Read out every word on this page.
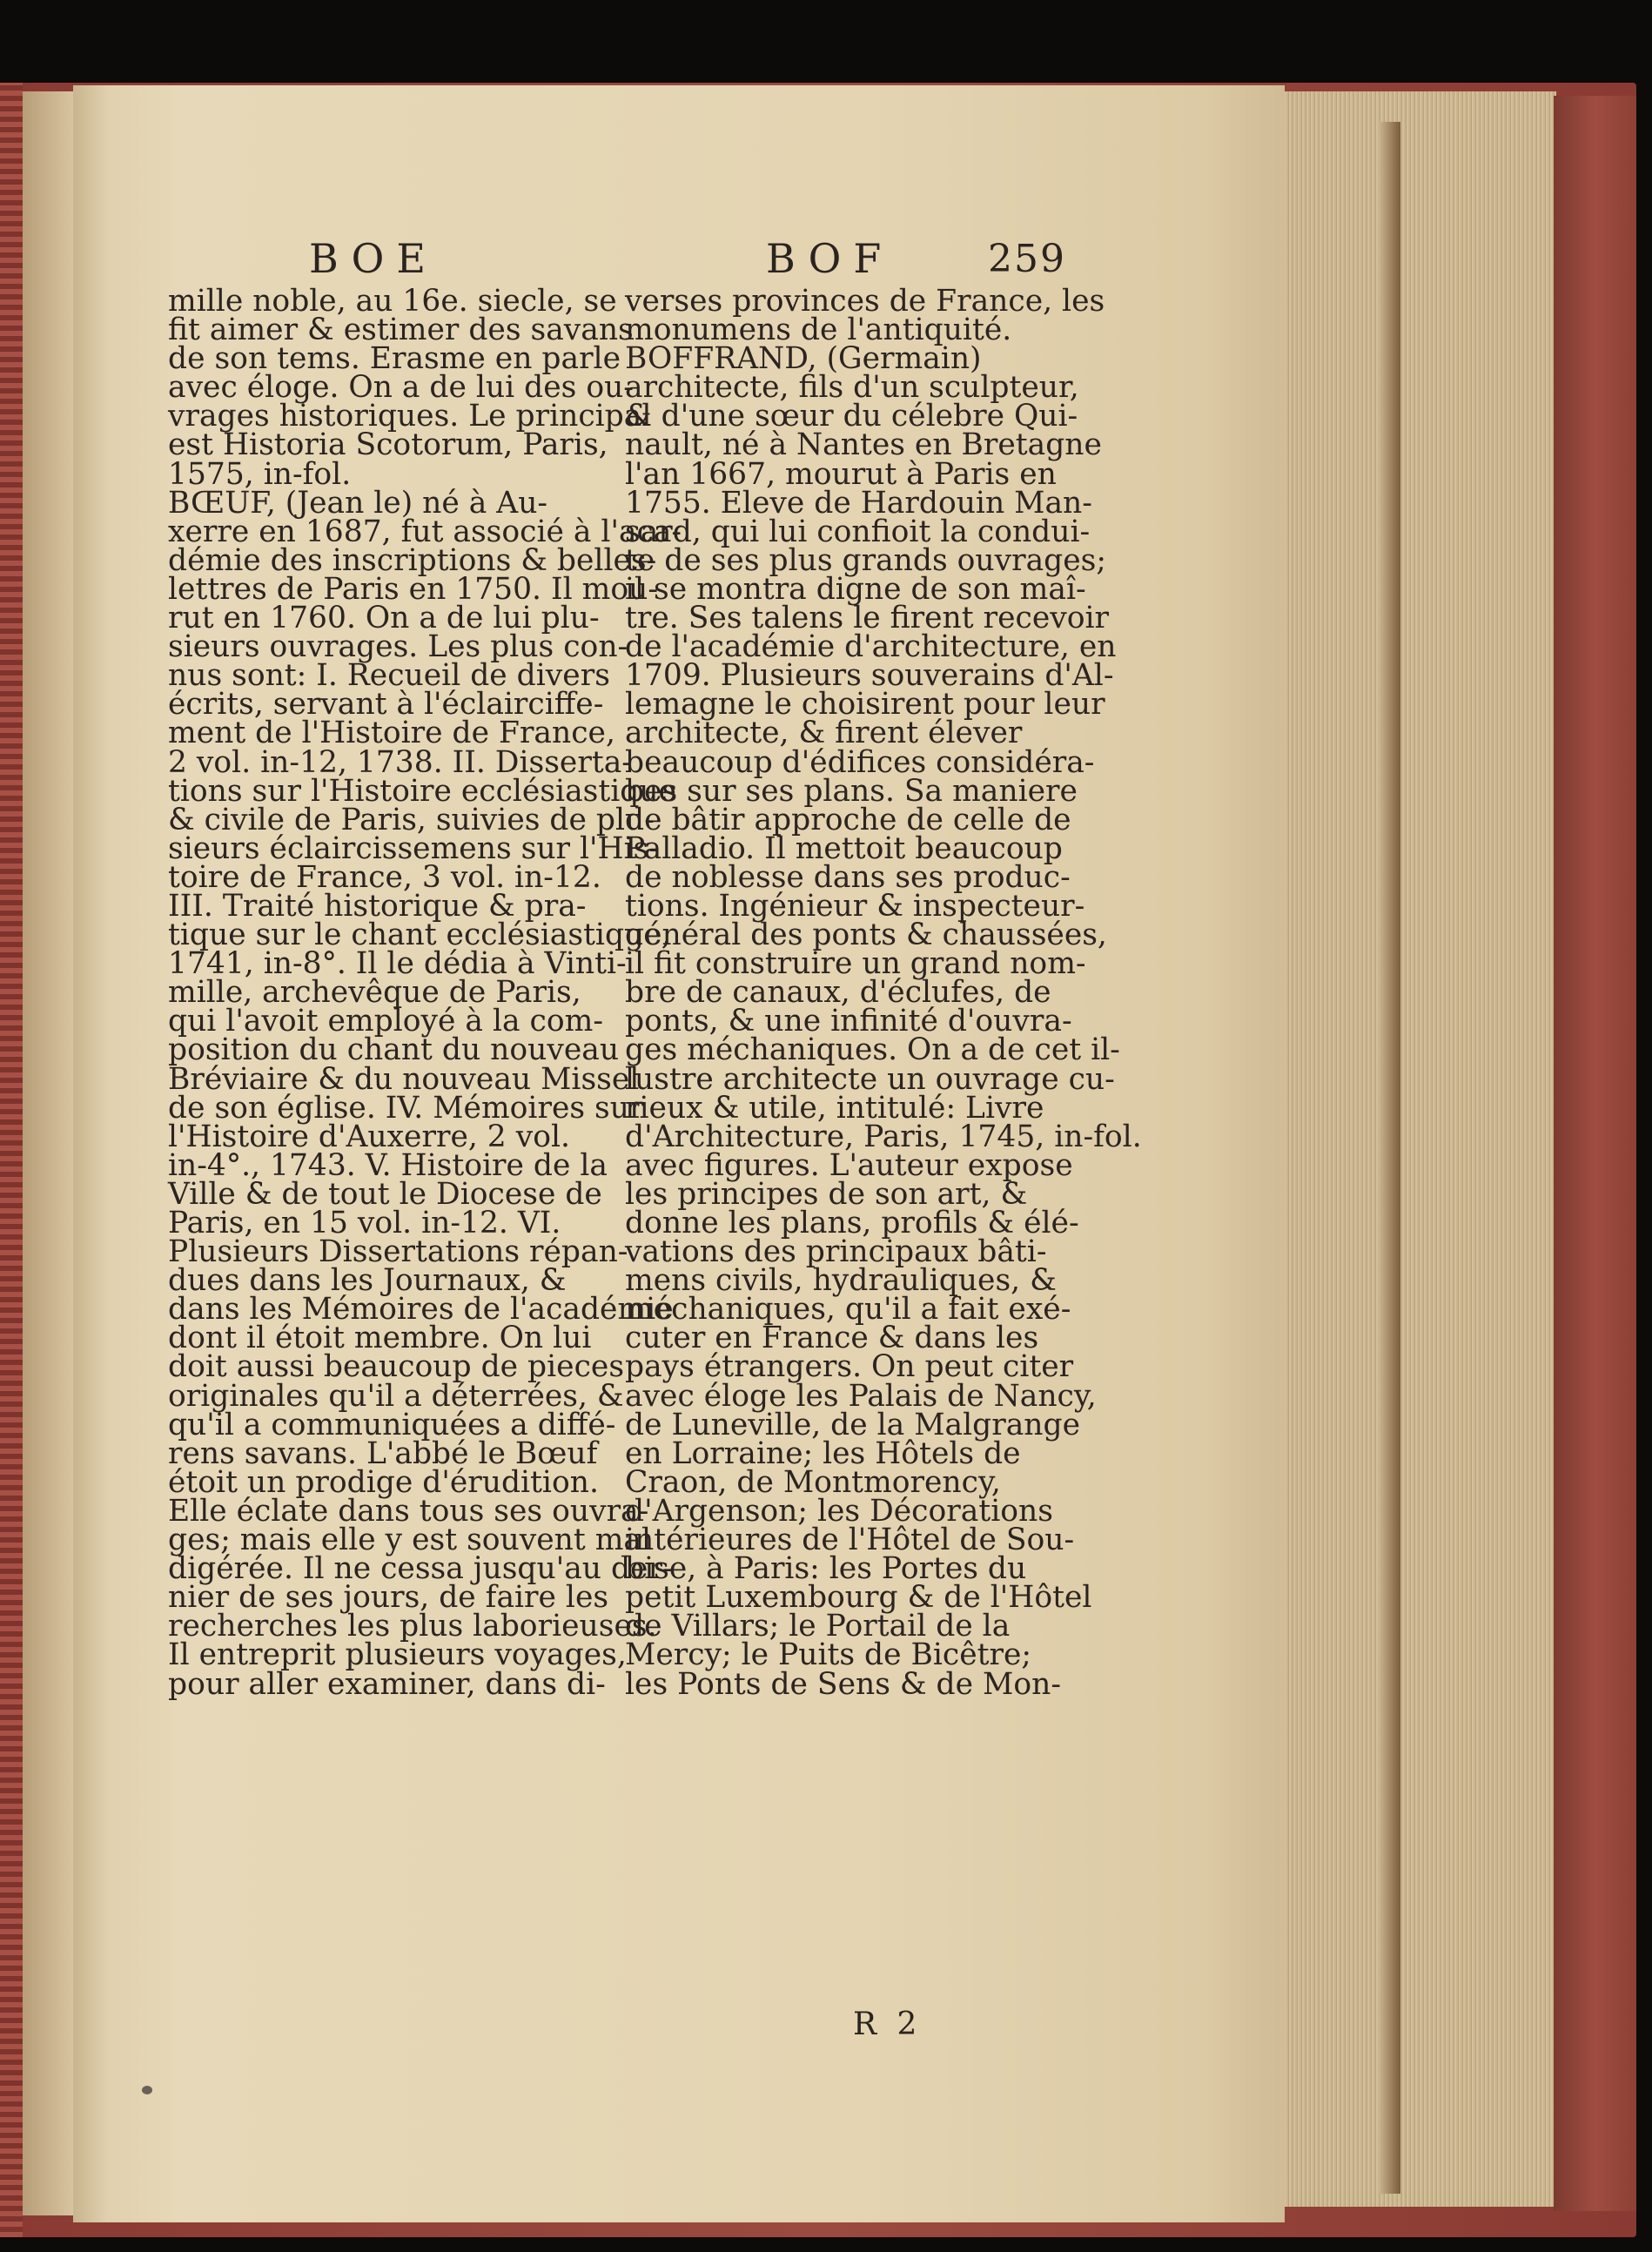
BOE	BOF 259
mille noble, au 16e. siecle, se
fit aimer & estimer des savans
de son tems. Erasme en parle
avec éloge. On a de lui des ou-
vrages historiques. Le principal
est Historia Scotorum, Paris,
1575, in-fol.
BŒUF, (Jean le) né à Au-
xerre en 1687, fut associé à l'aca-
démie des inscriptions & belles-
lettres de Paris en 1750. Il mou-
rut en 1760. On a de lui plu-
sieurs ouvrages. Les plus con-
nus sont: I. Recueil de divers
écrits, servant à l'éclairciffe-
ment de l'Histoire de France,
2 vol. in-12, 1738. II. Disserta-
tions sur l'Histoire ecclésiastique
& civile de Paris, suivies de plu-
sieurs éclaircissemens sur l'His-
toire de France, 3 vol. in-12.
III. Traité historique & pra-
tique sur le chant ecclésiastique,
1741, in-8°. Il le dédia à Vinti-
mille, archevêque de Paris,
qui l'avoit employé à la com-
position du chant du nouveau
Bréviaire & du nouveau Missel
de son église. IV. Mémoires sur
l'Histoire d'Auxerre, 2 vol.
in-4°., 1743. V. Histoire de la
Ville & de tout le Diocese de
Paris, en 15 vol. in-12. VI.
Plusieurs Dissertations répan-
dues dans les Journaux, &
dans les Mémoires de l'académie
dont il étoit membre. On lui
doit aussi beaucoup de pieces
originales qu'il a déterrées, &
qu'il a communiquées a diffé-
rens savans. L'abbé le Bœuf
étoit un prodige d'érudition.
Elle éclate dans tous ses ouvra-
ges; mais elle y est souvent mal
digérée. Il ne cessa jusqu'au der-
nier de ses jours, de faire les
recherches les plus laborieuses.
Il entreprit plusieurs voyages,
pour aller examiner, dans di-
verses provinces de France, les
monumens de l'antiquité.
BOFFRAND, (Germain)
architecte, fils d'un sculpteur,
& d'une sœur du célebre Qui-
nault, né à Nantes en Bretagne
l'an 1667, mourut à Paris en
1755. Eleve de Hardouin Man-
sard, qui lui confioit la condui-
te de ses plus grands ouvrages;
il se montra digne de son maî-
tre. Ses talens le firent recevoir
de l'académie d'architecture, en
1709. Plusieurs souverains d'Al-
lemagne le choisirent pour leur
architecte, & firent élever
beaucoup d'édifices considéra-
bes sur ses plans. Sa maniere
de bâtir approche de celle de
Palladio. Il mettoit beaucoup
de noblesse dans ses produc-
tions. Ingénieur & inspecteur-
général des ponts & chaussées,
il fit construire un grand nom-
bre de canaux, d'éclufes, de
ponts, & une infinité d'ouvra-
ges méchaniques. On a de cet il-
lustre architecte un ouvrage cu-
rieux & utile, intitulé: Livre
d'Architecture, Paris, 1745, in-fol.
avec figures. L'auteur expose
les principes de son art, &
donne les plans, profils & élé-
vations des principaux bâti-
mens civils, hydrauliques, &
méchaniques, qu'il a fait exé-
cuter en France & dans les
pays étrangers. On peut citer
avec éloge les Palais de Nancy,
de Luneville, de la Malgrange
en Lorraine; les Hôtels de
Craon, de Montmorency,
d'Argenson; les Décorations
intérieures de l'Hôtel de Sou-
bise, à Paris: les Portes du
petit Luxembourg & de l'Hôtel
de Villars; le Portail de la
Mercy; le Puits de Bicêtre;
les Ponts de Sens & de Mon-
R 2
